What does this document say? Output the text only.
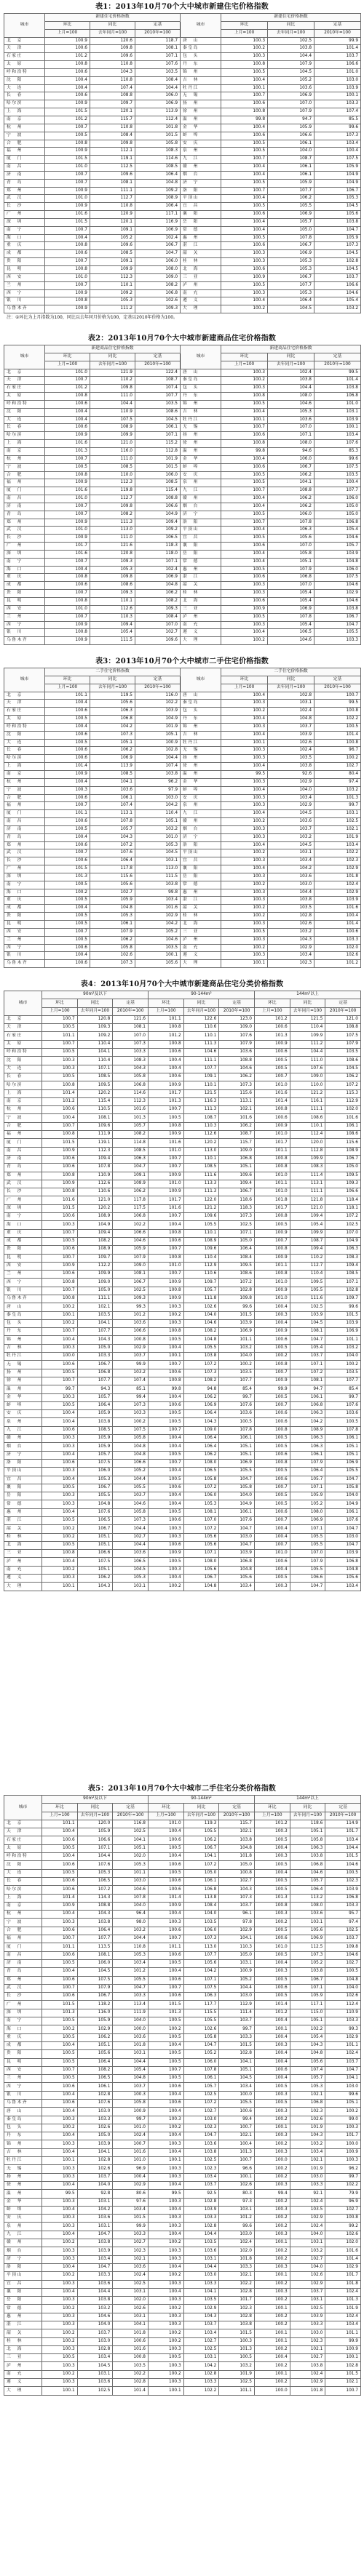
表1：2013年10月70个大中城市新建住宅价格指数
城市	新建住宅价格指数			城市	新建住宅价格指数		
	环比	同比	定基		环比	同比	定基
	上月=100	去年同月=100	2010年=100		上月=100	去年同月=100	2010年=100
北　京	100.9	120.6	118.7	唐　山	100.3	102.5	99.9
天　津	100.6	109.8	108.1	秦皇岛	100.2	103.8	101.4
石家庄	101.2	109.6	107.1	包　头	100.3	104.4	103.7
太　原	100.8	110.8	107.6	丹　东	100.8	107.9	106.6
呼和浩特	100.6	104.3	103.5	锦　州	100.5	104.5	101.0
沈　阳	100.4	110.8	108.4	吉　林	100.4	105.2	103.0
大　连	100.4	107.4	104.4	牡丹江	100.1	103.6	103.9
长　春	100.6	108.8	106.0	无　锡	100.7	106.9	100.1
哈尔滨	100.9	109.7	106.9	扬　州	100.6	107.0	103.3
上　海	101.5	120.1	113.9	徐　州	100.8	107.9	107.4
南　京	101.2	115.7	112.4	温　州	99.8	94.7	85.5
杭　州	100.7	110.8	101.8	金　华	100.4	105.9	99.6
宁　波	100.5	108.4	101.5	蚌　埠	100.6	106.6	107.3
合　肥	100.8	109.8	105.8	安　庆	100.5	106.1	103.4
福　州	100.9	112.1	108.3	泉　州	100.5	104.0	100.4
厦　门	101.5	119.1	114.6	九　江	100.7	108.7	107.5
南　昌	101.0	112.5	108.5	赣　州	100.4	106.1	105.9
济　南	100.7	109.6	106.4	烟　台	100.4	106.1	104.9
青　岛	100.7	108.1	104.8	济　宁	100.5	105.9	104.9
郑　州	100.9	111.1	109.2	洛　阳	100.7	107.7	106.7
武　汉	101.0	112.7	108.9	平顶山	100.4	106.2	105.3
长　沙	100.9	110.8	106.4	宜　昌	100.5	105.5	104.5
广　州	101.6	120.9	117.1	襄　阳	100.6	106.9	105.6
深　圳	101.5	120.1	116.9	岳　阳	100.4	105.7	103.8
南　宁	100.7	109.1	106.9	常　德	100.4	105.0	104.7
海　口	100.4	105.2	102.4	惠　州	100.5	107.8	105.9
重　庆	100.8	109.6	106.7	湛　江	100.6	106.7	107.3
成　都	100.6	108.5	104.7	韶　关	100.3	106.9	104.5
贵　阳	100.7	109.1	106.0	桂　林	100.3	105.3	102.8
昆　明	100.8	109.9	108.0	北　海	100.6	105.3	104.5
西　安	101.0	112.3	109.0	三　亚	100.9	106.7	103.7
兰　州	100.7	110.1	108.2	泸　州	100.5	107.7	106.6
西　宁	100.9	109.2	106.8	南　充	100.3	105.3	104.6
银　川	100.8	105.3	102.6	遵　义	100.4	106.4	105.4
乌鲁木齐	100.9	111.2	109.3	大　理	100.2	104.5	103.2
注：①环比为上月指数为100，同比以去年同月价格为100，定基以2010年价格为100。
表2：2013年10月70个大中城市新建商品住宅价格指数
城市	新建商品住宅价格指数			城市	新建商品住宅价格指数		
	环比	同比	定基		环比	同比	定基
	上月=100	去年同月=100	2010年=100		上月=100	去年同月=100	2010年=100
北　京	101.0	121.9	122.4	唐　山	100.3	102.4	99.5
天　津	100.7	110.2	108.7	秦皇岛	100.2	103.8	101.4
石家庄	101.2	109.8	107.4	包　头	100.3	104.4	103.8
太　原	100.8	111.0	107.7	丹　东	100.8	108.0	106.8
呼和浩特	100.6	104.4	103.5	锦　州	100.5	104.6	101.0
沈　阳	100.4	110.9	108.6	吉　林	100.4	105.3	103.1
大　连	100.4	107.5	104.5	牡丹江	100.1	103.6	103.9
长　春	100.6	108.9	106.1	无　锡	100.7	107.0	100.1
哈尔滨	100.9	109.9	107.1	扬　州	100.6	107.1	103.4
上　海	101.6	121.0	115.2	徐　州	100.8	108.0	107.6
南　京	101.3	116.0	112.8	温　州	99.8	94.6	85.3
杭　州	100.7	111.0	101.9	金　华	100.4	106.0	99.6
宁　波	100.5	108.5	101.5	蚌　埠	100.6	106.7	107.5
合　肥	100.8	110.0	106.0	安　庆	100.5	106.2	103.5
福　州	100.9	112.3	108.5	泉　州	100.5	104.1	100.4
厦　门	101.6	119.8	115.4	九　江	100.7	108.8	107.7
南　昌	101.0	112.7	108.8	赣　州	100.4	106.2	106.0
济　南	100.7	109.8	106.6	烟　台	100.4	106.2	105.0
青　岛	100.7	108.2	104.9	济　宁	100.5	106.0	105.0
郑　州	100.9	111.3	109.4	洛　阳	100.7	107.8	106.8
武　汉	101.0	113.0	109.2	平顶山	100.4	106.3	105.4
长　沙	100.9	111.0	106.5	宜　昌	100.5	105.6	104.6
广　州	101.7	121.6	118.3	襄　阳	100.6	107.0	105.7
深　圳	101.6	120.8	118.0	岳　阳	100.4	105.8	103.9
南　宁	100.7	109.3	107.1	常　德	100.4	105.1	104.8
海　口	100.4	105.3	102.4	惠　州	100.5	107.9	106.0
重　庆	100.8	109.8	106.9	湛　江	100.6	106.8	107.5
成　都	100.6	108.6	104.8	韶　关	100.3	107.0	104.6
贵　阳	100.7	109.3	106.2	桂　林	100.3	105.4	102.9
昆　明	100.8	110.1	108.2	北　海	100.6	105.4	104.6
西　安	101.0	112.6	109.3	三　亚	100.9	106.9	103.8
兰　州	100.7	110.3	108.4	泸　州	100.5	107.8	106.7
西　宁	100.9	109.4	107.0	南　充	100.3	105.4	104.7
银　川	100.8	105.4	102.7	遵　义	100.4	106.5	105.5
乌鲁木齐	100.9	111.5	109.6	大　理	100.2	104.6	103.3
表3：2013年10月70个大中城市二手住宅价格指数
城市	二手住宅价格指数			城市	二手住宅价格指数		
	环比	同比	定基		环比	同比	定基
	上月=100	去年同月=100	2010年=100		上月=100	去年同月=100	2010年=100
北　京	101.1	119.5	116.0	唐　山	100.4	102.8	100.7
天　津	100.4	105.6	102.2	秦皇岛	100.3	103.1	99.5
石家庄	100.6	106.3	103.9	包　头	100.2	102.4	100.8
太　原	100.5	106.8	104.9	丹　东	100.4	104.8	102.2
呼和浩特	100.4	104.2	101.9	锦　州	100.3	103.7	100.5
沈　阳	100.6	107.3	105.1	吉　林	100.4	103.9	101.4
大　连	100.5	105.1	100.9	牡丹江	100.1	102.6	100.8
长　春	100.6	106.2	102.8	无　锡	100.3	102.4	96.7
哈尔滨	100.6	106.9	104.4	扬　州	100.3	103.5	100.2
上　海	101.4	113.9	107.4	徐　州	100.4	103.8	102.7
南　京	100.9	108.5	103.8	温　州	99.5	92.6	80.4
杭　州	100.4	104.1	96.2	金　华	100.3	102.9	97.4
宁　波	100.3	103.6	97.9	蚌　埠	100.4	104.0	103.2
合　肥	100.6	106.1	103.0	安　庆	100.3	103.4	101.3
福　州	100.7	107.4	104.2	泉　州	100.3	102.9	99.7
厦　门	101.1	113.1	110.4	九　江	100.4	104.5	103.1
南　昌	100.6	107.8	105.1	赣　州	100.2	103.6	102.5
济　南	100.5	105.7	103.2	烟　台	100.3	103.7	102.1
青　岛	100.4	104.3	101.0	济　宁	100.3	103.2	101.9
郑　州	100.6	107.2	105.3	洛　阳	100.4	104.5	103.4
武　汉	100.7	107.6	104.5	平顶山	100.2	103.1	102.2
长　沙	100.6	106.4	103.1	宜　昌	100.3	103.4	102.3
广　州	101.5	117.8	113.0	襄　阳	100.4	104.2	102.9
深　圳	101.3	115.6	111.5	岳　阳	100.3	103.6	101.8
南　宁	100.5	105.6	103.8	常　德	100.2	103.0	102.4
海　口	100.2	102.7	99.8	惠　州	100.3	104.4	102.9
重　庆	100.5	105.9	103.4	湛　江	100.3	103.8	103.9
成　都	100.4	104.8	101.6	韶　关	100.2	103.5	101.6
贵　阳	100.5	105.3	102.9	桂　林	100.2	102.8	100.4
昆　明	100.5	106.1	104.2	北　海	100.3	102.6	101.4
西　安	100.7	107.9	105.2	三　亚	100.5	103.2	100.6
兰　州	100.5	106.2	104.6	泸　州	100.3	104.3	103.3
西　宁	100.6	105.8	103.5	南　充	100.2	102.9	102.0
银　川	100.4	102.6	100.1	遵　义	100.3	103.4	102.6
乌鲁木齐	100.6	107.3	105.6	大　理	100.1	102.3	101.2
表4：2013年10月70个大中城市新建商品住宅分类价格指数
城市	90m²及以下			90-144m²			144m²以上		
	环比	同比	定基	环比	同比	定基	环比	同比	定基
	上月=100	去年同月=100	2010年=100	上月=100	去年同月=100	2010年=100	上月=100	去年同月=100	2010年=100
北　京	100.7	120.8	121.6	101.1	122.6	123.0	101.2	121.5	121.0
天　津	100.5	109.3	108.1	100.8	110.6	109.0	100.6	110.4	108.8
石家庄	101.1	109.2	107.0	101.2	110.1	107.6	101.3	109.9	107.5
太　原	100.7	110.4	107.3	100.8	111.3	107.9	100.9	111.2	107.9
呼和浩特	100.5	104.1	103.3	100.6	104.6	103.6	100.6	104.4	103.5
沈　阳	100.3	110.4	108.3	100.4	111.1	108.8	100.5	111.0	108.6
大　连	100.3	107.1	104.3	100.4	107.7	104.6	100.5	107.6	104.5
长　春	100.5	108.5	105.8	100.6	109.1	106.2	100.7	109.0	106.2
哈尔滨	100.8	109.5	106.8	100.9	110.1	107.3	101.0	110.0	107.2
上　海	101.4	120.2	114.6	101.7	121.5	115.6	101.6	121.2	115.3
南　京	101.2	115.4	112.3	101.3	116.3	113.1	101.4	116.1	112.9
杭　州	100.6	110.5	101.6	100.7	111.3	102.1	100.8	111.1	102.0
宁　波	100.4	108.1	101.3	100.5	108.7	101.6	100.6	108.6	101.6
合　肥	100.7	109.6	105.7	100.8	110.3	106.2	100.9	110.1	106.1
福　州	100.8	111.9	108.2	100.9	112.6	108.7	101.0	112.4	108.6
厦　门	101.5	119.1	114.8	101.6	120.2	115.7	101.7	120.0	115.6
南　昌	100.9	112.3	108.5	101.0	113.0	109.0	101.1	112.8	108.9
济　南	100.6	109.4	106.3	100.7	110.1	106.8	100.8	109.9	106.7
青　岛	100.6	107.8	104.7	100.7	108.5	105.1	100.8	108.3	105.0
郑　州	100.8	110.9	109.1	100.9	111.6	109.6	101.0	111.4	109.5
武　汉	100.9	112.6	108.9	101.0	113.3	109.4	101.1	113.1	109.3
长　沙	100.8	110.6	106.2	100.9	111.3	106.7	101.0	111.1	106.6
广　州	101.6	121.0	117.8	101.7	122.0	118.6	101.8	121.8	118.4
深　圳	101.5	120.2	117.5	101.6	121.2	118.3	101.7	121.0	118.1
南　宁	100.6	108.9	106.8	100.7	109.6	107.3	100.8	109.4	107.2
海　口	100.3	104.9	102.2	100.4	105.5	102.5	100.5	105.4	102.5
重　庆	100.7	109.4	106.6	100.8	110.1	107.1	100.9	109.9	107.0
成　都	100.5	108.2	104.6	100.6	108.9	105.0	100.7	108.7	104.9
贵　阳	100.6	108.9	105.9	100.7	109.6	106.4	100.8	109.4	106.3
昆　明	100.7	109.7	107.9	100.8	110.4	108.4	100.9	110.2	108.3
西　安	100.9	112.2	109.0	101.0	112.9	109.5	101.1	112.7	109.4
兰　州	100.6	109.9	108.1	100.7	110.6	108.6	100.8	110.4	108.5
西　宁	100.8	109.0	106.7	100.9	109.7	107.2	101.0	109.5	107.1
银　川	100.7	105.0	102.5	100.8	105.7	102.8	100.9	105.5	102.8
乌鲁木齐	100.8	111.1	109.3	100.9	111.8	109.8	101.0	111.6	109.7
唐　山	100.2	102.1	99.3	100.3	102.6	99.6	100.4	102.5	99.6
秦皇岛	100.1	103.5	101.2	100.2	104.0	101.5	100.3	103.9	101.5
包　头	100.2	104.1	103.6	100.3	104.6	103.9	100.4	104.5	103.9
丹　东	100.7	107.7	106.6	100.8	108.2	106.9	100.9	108.1	106.9
锦　州	100.4	104.3	100.8	100.5	104.8	101.1	100.6	104.7	101.1
吉　林	100.3	105.0	102.9	100.4	105.5	103.2	100.5	105.4	103.2
牡丹江	100.0	103.3	103.7	100.1	103.8	104.0	100.2	103.7	104.0
无　锡	100.6	106.7	99.9	100.7	107.2	100.2	100.8	107.1	100.2
扬　州	100.5	106.8	103.2	100.6	107.3	103.5	100.7	107.2	103.5
徐　州	100.7	107.7	107.4	100.8	108.2	107.7	100.9	108.1	107.7
温　州	99.7	94.3	85.1	99.8	94.8	85.4	99.9	94.7	85.4
金　华	100.3	105.7	99.4	100.4	106.2	99.7	100.5	106.1	99.7
蚌　埠	100.5	106.4	107.3	100.6	106.9	107.6	100.7	106.8	107.6
安　庆	100.4	105.9	103.3	100.5	106.4	103.6	100.6	106.3	103.6
泉　州	100.4	103.8	100.2	100.5	104.3	100.5	100.6	104.2	100.5
九　江	100.6	108.5	107.5	100.7	109.0	107.8	100.8	108.9	107.8
赣　州	100.3	105.9	105.8	100.4	106.4	106.1	100.5	106.3	106.1
烟　台	100.3	105.9	104.8	100.4	106.4	105.1	100.5	106.3	105.1
济　宁	100.4	105.7	104.8	100.5	106.2	105.1	100.6	106.1	105.1
洛　阳	100.6	107.5	106.6	100.7	108.0	106.9	100.8	107.9	106.9
平顶山	100.3	106.0	105.2	100.4	106.5	105.5	100.5	106.4	105.5
宜　昌	100.4	105.3	104.4	100.5	105.8	104.7	100.6	105.7	104.7
襄　阳	100.5	106.7	105.5	100.6	107.2	105.8	100.7	107.1	105.8
岳　阳	100.3	105.5	103.7	100.4	106.0	104.0	100.5	105.9	104.0
常　德	100.3	104.8	104.6	100.4	105.3	104.9	100.5	105.2	104.9
惠　州	100.4	107.6	105.8	100.5	108.1	106.1	100.6	108.0	106.1
湛　江	100.5	106.5	107.3	100.6	107.0	107.6	100.7	106.9	107.6
韶　关	100.2	106.7	104.4	100.3	107.2	104.7	100.4	107.1	104.7
桂　林	100.2	105.1	102.7	100.3	105.6	103.0	100.4	105.5	103.0
北　海	100.5	105.1	104.4	100.6	105.6	104.7	100.7	105.5	104.7
三　亚	100.8	106.6	103.6	100.9	107.1	103.9	101.0	107.0	103.9
泸　州	100.4	107.5	106.5	100.5	108.0	106.8	100.6	107.9	106.8
南　充	100.2	105.1	104.5	100.3	105.6	104.8	100.4	105.5	104.8
遵　义	100.3	106.2	105.3	100.4	106.7	105.6	100.5	106.6	105.6
大　理	100.1	104.3	103.1	100.2	104.8	103.4	100.3	104.7	103.4
表5：2013年10月70个大中城市二手住宅分类价格指数
城市	90m²及以下			90-144m²			144m²以上		
	环比	同比	定基	环比	同比	定基	环比	同比	定基
	上月=100	去年同月=100	2010年=100	上月=100	去年同月=100	2010年=100	上月=100	去年同月=100	2010年=100
北　京	101.1	120.0	116.8	101.0	119.3	115.7	101.2	118.6	114.9
天　津	100.4	105.9	102.5	100.4	105.5	102.1	100.3	105.1	101.7
石家庄	100.6	106.6	104.1	100.6	106.2	103.8	100.5	105.8	103.4
太　原	100.5	107.1	105.1	100.5	106.7	104.8	100.4	106.3	104.4
呼和浩特	100.4	104.4	102.0	100.4	104.1	101.8	100.3	103.8	101.5
沈　阳	100.6	107.6	105.3	100.6	107.2	105.0	100.5	106.8	104.6
大　连	100.5	105.3	101.1	100.5	105.0	100.8	100.4	104.6	100.5
长　春	100.6	106.5	103.0	100.6	106.1	102.7	100.5	105.7	102.3
哈尔滨	100.6	107.2	104.6	100.6	106.8	104.3	100.5	106.4	103.9
上　海	101.4	114.3	107.8	101.4	113.8	107.3	101.3	113.2	106.8
南　京	100.9	108.8	104.0	100.9	108.4	103.7	100.8	108.0	103.3
杭　州	100.4	104.3	96.4	100.4	104.0	96.1	100.3	103.6	95.7
宁　波	100.3	103.8	98.0	100.3	103.5	97.8	100.2	103.1	97.4
合　肥	100.6	106.4	103.2	100.6	106.0	102.9	100.5	105.6	102.5
福　州	100.7	107.7	104.4	100.7	107.3	104.1	100.6	106.9	103.7
厦　门	101.1	113.5	110.8	101.1	113.0	110.3	101.0	112.5	109.8
南　昌	100.6	108.1	105.3	100.6	107.7	105.0	100.5	107.3	104.6
济　南	100.5	106.0	103.4	100.5	105.6	103.1	100.4	105.2	102.7
青　岛	100.4	104.5	101.2	100.4	104.2	100.9	100.3	103.8	100.5
郑　州	100.6	107.5	105.5	100.6	107.1	105.2	100.5	106.7	104.8
武　汉	100.7	107.9	104.7	100.7	107.5	104.4	100.6	107.1	104.0
长　沙	100.6	106.7	103.3	100.6	106.3	103.0	100.5	105.9	102.6
广　州	101.5	118.2	113.4	101.5	117.7	112.9	101.4	117.1	112.4
深　圳	101.3	116.0	111.9	101.3	115.5	111.4	101.2	115.0	110.9
南　宁	100.5	105.9	104.0	100.5	105.5	103.7	100.4	105.1	103.3
海　口	100.2	102.9	100.0	100.2	102.6	99.7	100.1	102.2	99.3
重　庆	100.5	106.2	103.6	100.5	105.8	103.3	100.4	105.4	102.9
成　都	100.4	105.1	101.8	100.4	104.7	101.5	100.3	104.3	101.1
贵　阳	100.5	105.6	103.1	100.5	105.2	102.8	100.4	104.8	102.4
昆　明	100.5	106.4	104.4	100.5	106.0	104.1	100.4	105.6	103.7
西　安	100.7	108.2	105.4	100.7	107.8	105.1	100.6	107.4	104.7
兰　州	100.5	106.5	104.8	100.5	106.1	104.5	100.4	105.7	104.1
西　宁	100.6	106.1	103.7	100.6	105.7	103.4	100.5	105.3	103.0
银　川	100.4	102.8	100.3	100.4	102.5	100.0	100.3	102.1	99.6
乌鲁木齐	100.6	107.6	105.8	100.6	107.2	105.5	100.5	106.8	105.1
唐　山	100.4	103.0	100.9	100.4	102.7	100.6	100.3	102.3	100.2
秦皇岛	100.3	103.3	99.7	100.3	103.0	99.4	100.2	102.6	99.0
包　头	100.2	102.6	101.0	100.2	102.3	100.7	100.1	101.9	100.3
丹　东	100.4	105.0	102.4	100.4	104.7	102.1	100.3	104.3	101.7
锦　州	100.3	103.9	100.7	100.3	103.6	100.4	100.2	103.2	100.0
吉　林	100.4	104.1	101.6	100.4	103.8	101.3	100.3	103.4	100.9
牡丹江	100.1	102.8	101.0	100.1	102.5	100.7	100.0	102.1	100.3
无　锡	100.3	102.6	96.9	100.3	102.3	96.6	100.2	101.9	96.2
扬　州	100.3	103.7	100.4	100.3	103.4	100.1	100.2	103.0	99.7
徐　州	100.4	104.0	102.9	100.4	103.7	102.6	100.3	103.3	102.2
温　州	99.5	92.8	80.6	99.5	92.5	80.3	99.4	92.1	79.9
金　华	100.3	103.1	97.6	100.3	102.8	97.3	100.2	102.4	96.9
蚌　埠	100.4	104.2	103.4	100.4	103.9	103.1	100.3	103.5	102.7
安　庆	100.3	103.6	101.5	100.3	103.3	101.2	100.2	102.9	100.8
泉　州	100.3	103.1	99.9	100.3	102.8	99.6	100.2	102.4	99.2
九　江	100.4	104.7	103.3	100.4	104.4	103.0	100.3	104.0	102.6
赣　州	100.2	103.8	102.7	100.2	103.5	102.4	100.1	103.1	102.0
烟　台	100.3	103.9	102.3	100.3	103.6	102.0	100.2	103.2	101.6
济　宁	100.3	103.4	102.1	100.3	103.1	101.8	100.2	102.7	101.4
洛　阳	100.4	104.7	103.6	100.4	104.4	103.3	100.3	104.0	102.9
平顶山	100.2	103.3	102.4	100.2	103.0	102.1	100.1	102.6	101.7
宜　昌	100.3	103.6	102.5	100.3	103.3	102.2	100.2	102.9	101.8
襄　阳	100.4	104.4	103.1	100.4	104.1	102.8	100.3	103.7	102.4
岳　阳	100.3	103.8	102.0	100.3	103.5	101.7	100.2	103.1	101.3
常　德	100.2	103.2	102.6	100.2	102.9	102.3	100.1	102.5	101.9
惠　州	100.3	104.6	103.1	100.3	104.3	102.8	100.2	103.9	102.4
湛　江	100.3	104.0	104.1	100.3	103.7	103.8	100.2	103.3	103.4
韶　关	100.2	103.7	101.8	100.2	103.4	101.5	100.1	103.0	101.1
桂　林	100.2	103.0	100.6	100.2	102.7	100.3	100.1	102.3	99.9
北　海	100.3	102.8	101.6	100.3	102.5	101.3	100.2	102.1	100.9
三　亚	100.5	103.4	100.8	100.5	103.1	100.5	100.4	102.7	100.1
泸　州	100.3	104.5	103.5	100.3	104.2	103.2	100.2	103.8	102.8
南　充	100.2	103.1	102.2	100.2	102.8	101.9	100.1	102.4	101.5
遵　义	100.3	103.6	102.8	100.3	103.3	102.5	100.2	102.9	102.1
大　理	100.1	102.5	101.4	100.1	102.2	101.1	100.0	101.8	100.7
